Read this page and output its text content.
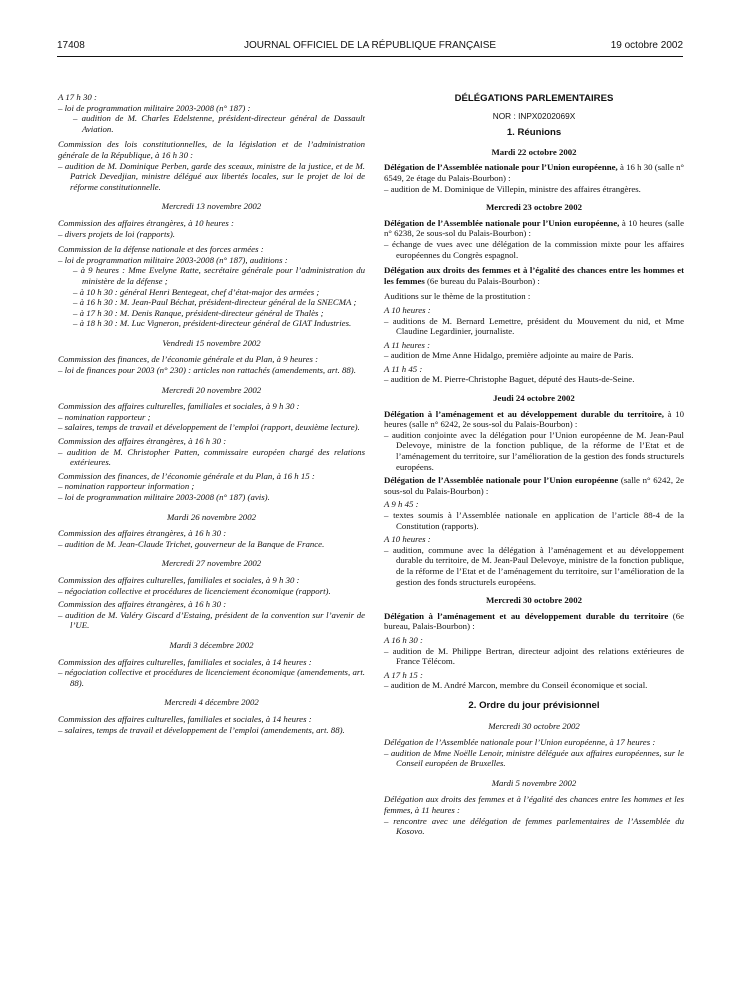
17408	JOURNAL OFFICIEL DE LA RÉPUBLIQUE FRANÇAISE	19 octobre 2002

A 17 h 30 :

– loi de programmation militaire 2003-2008 (n° 187) :

– audition de M. Charles Edelstenne, président-directeur général de Dassault Aviation.

Commission des lois constitutionnelles, de la législation et de l’administration générale de la République, à 16 h 30 :

– audition de M. Dominique Perben, garde des sceaux, ministre de la justice, et de M. Patrick Devedjian, ministre délégué aux libertés locales, sur le projet de loi de réforme constitutionnelle.

Mercredi 13 novembre 2002

Commission des affaires étrangères, à 10 heures :

– divers projets de loi (rapports).

Commission de la défense nationale et des forces armées :

– loi de programmation militaire 2003-2008 (n° 187), auditions :

– à 9 heures : Mme Evelyne Ratte, secrétaire générale pour l’administration du ministère de la défense ;

– à 10 h 30 : général Henri Bentegeat, chef d’état-major des armées ;

– à 16 h 30 : M. Jean-Paul Béchat, président-directeur général de la SNECMA ;

– à 17 h 30 : M. Denis Ranque, président-directeur général de Thalès ;

– à 18 h 30 : M. Luc Vigneron, président-directeur général de GIAT Industries.

Vendredi 15 novembre 2002

Commission des finances, de l’économie générale et du Plan, à 9 heures :

– loi de finances pour 2003 (n° 230) : articles non rattachés (amendements, art. 88).

Mercredi 20 novembre 2002

Commission des affaires culturelles, familiales et sociales, à 9 h 30 :

– nomination rapporteur ;

– salaires, temps de travail et développement de l’emploi (rapport, deuxième lecture).

Commission des affaires étrangères, à 16 h 30 :

– audition de M. Christopher Patten, commissaire européen chargé des relations extérieures.

Commission des finances, de l’économie générale et du Plan, à 16 h 15 :

– nomination rapporteur information ;

– loi de programmation militaire 2003-2008 (n° 187) (avis).

Mardi 26 novembre 2002

Commission des affaires étrangères, à 16 h 30 :

– audition de M. Jean-Claude Trichet, gouverneur de la Banque de France.

Mercredi 27 novembre 2002

Commission des affaires culturelles, familiales et sociales, à 9 h 30 :

– négociation collective et procédures de licenciement économique (rapport).

Commission des affaires étrangères, à 16 h 30 :

– audition de M. Valéry Giscard d’Estaing, président de la convention sur l’avenir de l’UE.

Mardi 3 décembre 2002

Commission des affaires culturelles, familiales et sociales, à 14 heures :

– négociation collective et procédures de licenciement économique (amendements, art. 88).

Mercredi 4 décembre 2002

Commission des affaires culturelles, familiales et sociales, à 14 heures :

– salaires, temps de travail et développement de l’emploi (amendements, art. 88).

DÉLÉGATIONS PARLEMENTAIRES

NOR : INPX0202069X

1. Réunions

Mardi 22 octobre 2002

Délégation de l’Assemblée nationale pour l’Union européenne, à 16 h 30 (salle n° 6549, 2e étage du Palais-Bourbon) :

– audition de M. Dominique de Villepin, ministre des affaires étrangères.

Mercredi 23 octobre 2002

Délégation de l’Assemblée nationale pour l’Union européenne, à 10 heures (salle n° 6238, 2e sous-sol du Palais-Bourbon) :

– échange de vues avec une délégation de la commission mixte pour les affaires européennes du Congrès espagnol.

Délégation aux droits des femmes et à l’égalité des chances entre les hommes et les femmes (6e bureau du Palais-Bourbon) :

Auditions sur le thème de la prostitution :

A 10 heures :

– auditions de M. Bernard Lemettre, président du Mouvement du nid, et Mme Claudine Legardinier, journaliste.

A 11 heures :

– audition de Mme Anne Hidalgo, première adjointe au maire de Paris.

A 11 h 45 :

– audition de M. Pierre-Christophe Baguet, député des Hauts-de-Seine.

Jeudi 24 octobre 2002

Délégation à l’aménagement et au développement durable du territoire, à 10 heures (salle n° 6242, 2e sous-sol du Palais-Bourbon) :

– audition conjointe avec la délégation pour l’Union européenne de M. Jean-Paul Delevoye, ministre de la fonction publique, de la réforme de l’Etat et de l’aménagement du territoire, sur l’amélioration de la gestion des fonds structurels européens.

Délégation de l’Assemblée nationale pour l’Union européenne (salle n° 6242, 2e sous-sol du Palais-Bourbon) :

A 9 h 45 :

– textes soumis à l’Assemblée nationale en application de l’article 88-4 de la Constitution (rapports).

A 10 heures :

– audition, commune avec la délégation à l’aménagement et au développement durable du territoire, de M. Jean-Paul Delevoye, ministre de la fonction publique, de la réforme de l’Etat et de l’aménagement du territoire, sur l’amélioration de la gestion des fonds structurels européens.

Mercredi 30 octobre 2002

Délégation à l’aménagement et au développement durable du territoire (6e bureau, Palais-Bourbon) :

A 16 h 30 :

– audition de M. Philippe Bertran, directeur adjoint des relations extérieures de France Télécom.

A 17 h 15 :

– audition de M. André Marcon, membre du Conseil économique et social.

2. Ordre du jour prévisionnel

Mercredi 30 octobre 2002

Délégation de l’Assemblée nationale pour l’Union européenne, à 17 heures :

– audition de Mme Noëlle Lenoir, ministre déléguée aux affaires européennes, sur le Conseil européen de Bruxelles.

Mardi 5 novembre 2002

Délégation aux droits des femmes et à l’égalité des chances entre les hommes et les femmes, à 11 heures :

– rencontre avec une délégation de femmes parlementaires de l’Assemblée du Kosovo.
